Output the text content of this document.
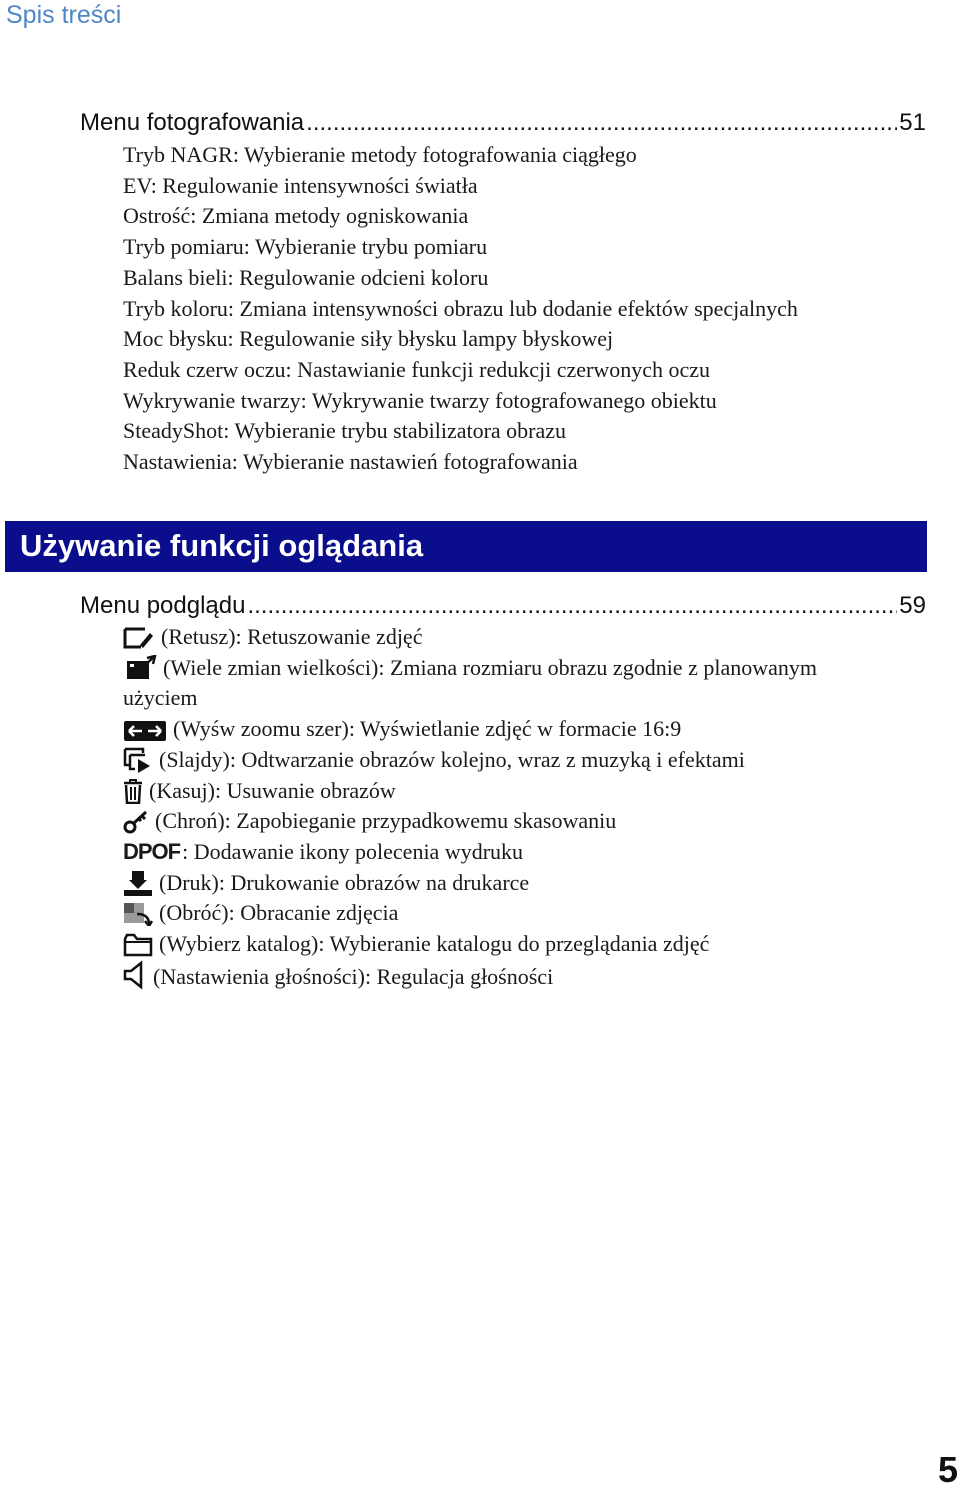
Spis treści
Menu fotografowania .....	51
Tryb NAGR: Wybieranie metody fotografowania ciągłego
EV: Regulowanie intensywności światła
Ostrość: Zmiana metody ogniskowania
Tryb pomiaru: Wybieranie trybu pomiaru
Balans bieli: Regulowanie odcieni koloru
Tryb koloru: Zmiana intensywności obrazu lub dodanie efektów specjalnych
Moc błysku: Regulowanie siły błysku lampy błyskowej
Reduk czerw oczu: Nastawianie funkcji redukcji czerwonych oczu
Wykrywanie twarzy: Wykrywanie twarzy fotografowanego obiektu
SteadyShot: Wybieranie trybu stabilizatora obrazu
Nastawienia: Wybieranie nastawień fotografowania
Używanie funkcji oglądania
Menu podglądu .....	59
(Retusz): Retuszowanie zdjęć
(Wiele zmian wielkości): Zmiana rozmiaru obrazu zgodnie z planowanym
użyciem
(Wyśw zoomu szer): Wyświetlanie zdjęć w formacie 16:9
(Slajdy): Odtwarzanie obrazów kolejno, wraz z muzyką i efektami
(Kasuj): Usuwanie obrazów
(Chroń): Zapobieganie przypadkowemu skasowaniu
DPOF: Dodawanie ikony polecenia wydruku
(Druk): Drukowanie obrazów na drukarce
(Obróć): Obracanie zdjęcia
(Wybierz katalog): Wybieranie katalogu do przeglądania zdjęć
(Nastawienia głośności): Regulacja głośności
5
